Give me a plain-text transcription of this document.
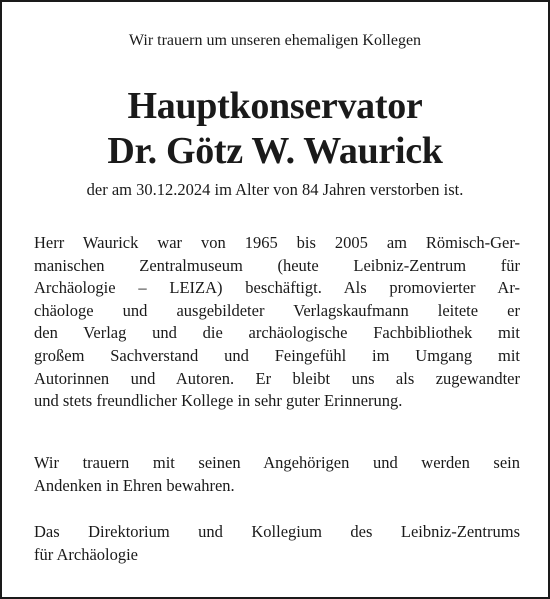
Wir trauern um unseren ehemaligen Kollegen
Hauptkonservator
Dr. Götz W. Waurick
der am 30.12.2024 im Alter von 84 Jahren verstorben ist.
Herr Waurick war von 1965 bis 2005 am Römisch-Ger-
manischen Zentralmuseum (heute Leibniz-Zentrum für
Archäologie – LEIZA) beschäftigt. Als promovierter Ar-
chäologe und ausgebildeter Verlagskaufmann leitete er
den Verlag und die archäologische Fachbibliothek mit
großem Sachverstand und Feingefühl im Umgang mit
Autorinnen und Autoren. Er bleibt uns als zugewandter
und stets freundlicher Kollege in sehr guter Erinnerung.
Wir trauern mit seinen Angehörigen und werden sein
Andenken in Ehren bewahren.
Das Direktorium und Kollegium des Leibniz-Zentrums
für Archäologie
